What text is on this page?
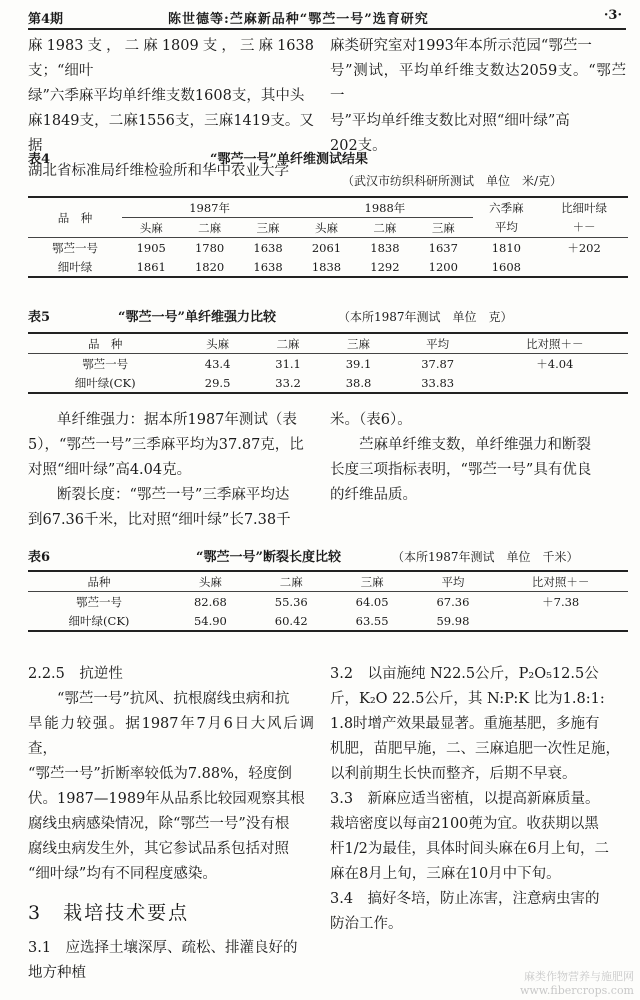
第4期	陈世德等:苎麻新品种“鄂苎一号”选育研究	·3·

麻1983支，二麻1809支，三麻1638支；“细叶

绿”六季麻平均单纤维支数1608支，其中头

麻1849支，二麻1556支，三麻1419支。又据

湖北省标准局纤维检验所和华中农业大学

麻类研究室对1993年本所示范园“鄂苎一

号”测试，平均单纤维支数达2059支。“鄂苎一

号”平均单纤维支数比对照“细叶绿”高

202支。

表4	“鄂苎一号”单纤维测试结果
（武汉市纺织科研所测试　单位　米/克）
品　种	1987年			1988年			六季麻	比细叶绿
	头麻	二麻	三麻	头麻	二麻	三麻	平均	＋－
鄂苎一号	1905	1780	1638	2061	1838	1637	1810	＋202
细叶绿	1861	1820	1638	1838	1292	1200	1608	
表5	“鄂苎一号”单纤维强力比较	（本所1987年测试　单位　克）
品　种	头麻	二麻	三麻	平均	比对照＋－
鄂苎一号	43.4	31.1	39.1	37.87	＋4.04
细叶绿(CK)	29.5	33.2	38.8	33.83	

单纤维强力：据本所1987年测试（表

5），“鄂苎一号”三季麻平均为37.87克，比

对照“细叶绿”高4.04克。

断裂长度：“鄂苎一号”三季麻平均达

到67.36千米，比对照“细叶绿”长7.38千

米。（表6）。

苎麻单纤维支数，单纤维强力和断裂

长度三项指标表明，“鄂苎一号”具有优良

的纤维品质。

表6	“鄂苎一号”断裂长度比较	（本所1987年测试　单位　千米）
品种	头麻	二麻	三麻	平均	比对照＋－
鄂苎一号	82.68	55.36	64.05	67.36	＋7.38
细叶绿(CK)	54.90	60.42	63.55	59.98	

2.2.5　抗逆性

“鄂苎一号”抗风、抗根腐线虫病和抗

旱能力较强。据1987年7月6日大风后调查，

“鄂苎一号”折断率较低为7.88%，轻度倒

伏。1987—1989年从品系比较园观察其根

腐线虫病感染情况，除“鄂苎一号”没有根

腐线虫病发生外，其它参试品系包括对照

“细叶绿”均有不同程度感染。

3　栽培技术要点

3.1　应选择土壤深厚、疏松、排灌良好的

地方种植

3.2　以亩施纯 N22.5公斤，P₂O₅12.5公

斤，K₂O 22.5公斤，其 N:P:K 比为1.8:1:

1.8时增产效果最显著。重施基肥，多施有

机肥，苗肥早施，二、三麻追肥一次性足施，

以利前期生长快而整齐，后期不早衰。

3.3　新麻应适当密植，以提高新麻质量。

栽培密度以每亩2100蔸为宜。收获期以黑

杆1/2为最佳，具体时间头麻在6月上旬，二

麻在8月上旬，三麻在10月中下旬。

3.4　搞好冬培，防止冻害，注意病虫害的

防治工作。

麻类作物营养与施肥网
www.fibercrops.com
